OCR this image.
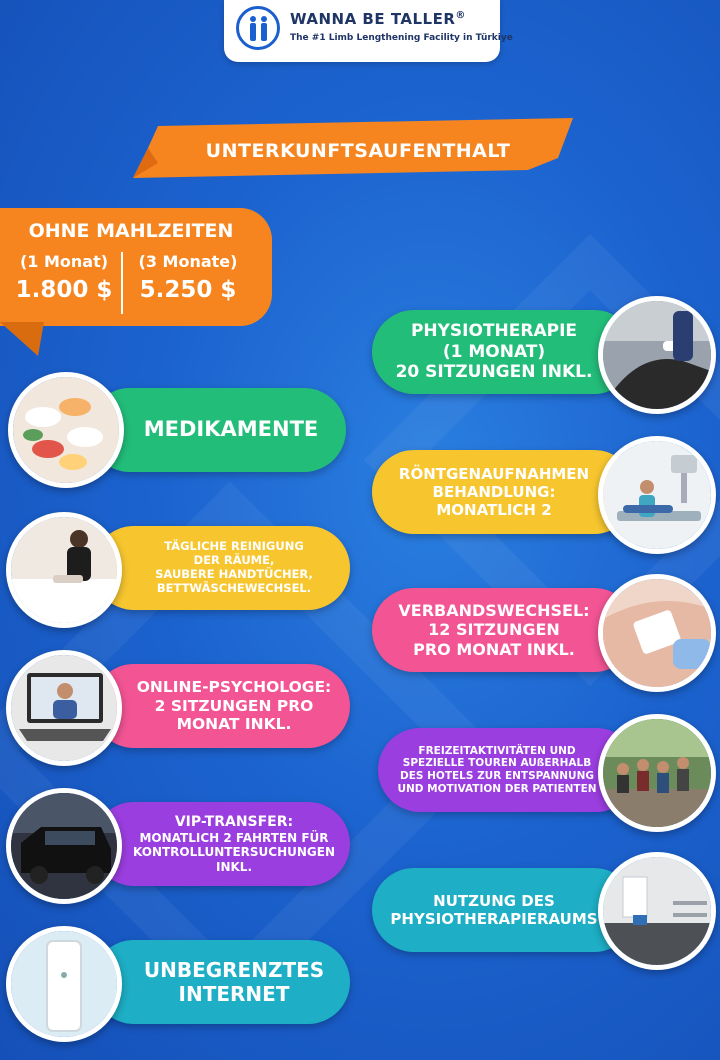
WANNA BE TALLER®
The #1 Limb Lengthening Facility in Türkiye
UNTERKUNFTSAUFENTHALT
OHNE MAHLZEITEN
(1 Monat)
1.800 $
(3 Monate)
5.250 $
MEDIKAMENTE
TÄGLICHE REINIGUNG
DER RÄUME,
SAUBERE HANDTÜCHER,
BETTWÄSCHEWECHSEL.
ONLINE-PSYCHOLOGE:
2 SITZUNGEN PRO
MONAT INKL.
VIP-TRANSFER:
MONATLICH 2 FAHRTEN FÜR
KONTROLLUNTERSUCHUNGEN
INKL.
UNBEGRENZTES
INTERNET
PHYSIOTHERAPIE
(1 MONAT)
20 SITZUNGEN INKL.
RÖNTGENAUFNAHMEN
BEHANDLUNG:
MONATLICH 2
VERBANDSWECHSEL:
12 SITZUNGEN
PRO MONAT INKL.
FREIZEITAKTIVITÄTEN UND
SPEZIELLE TOUREN AUßERHALB
DES HOTELS ZUR ENTSPANNUNG
UND MOTIVATION DER PATIENTEN
NUTZUNG DES
PHYSIOTHERAPIERAUMS
